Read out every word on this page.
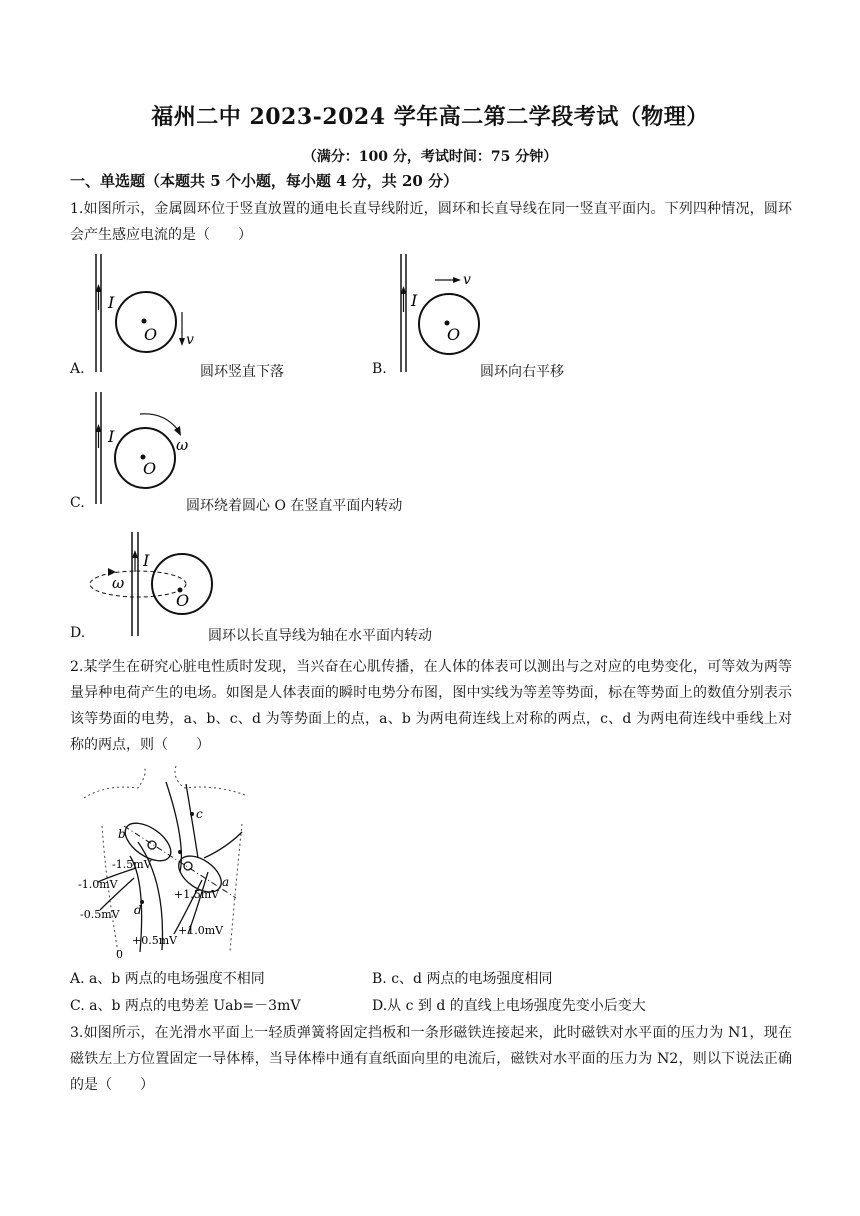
福州二中 2023-2024 学年高二第二学段考试（物理）
（满分：100 分，考试时间：75 分钟）
一、单选题（本题共 5 个小题，每小题 4 分，共 20 分）
1.如图所示，金属圆环位于竖直放置的通电长直导线附近，圆环和长直导线在同一竖直平面内。下列四种情况，圆环会产生感应电流的是（　　）
I
O v
A.	圆环竖直下落
I
O
v
B.	圆环向右平移
I
O
ω
C.	圆环绕着圆心 O 在竖直平面内转动
I
O
ω
D.	圆环以长直导线为轴在水平面内转动
2.某学生在研究心脏电性质时发现，当兴奋在心肌传播，在人体的体表可以测出与之对应的电势变化，可等效为两等量异种电荷产生的电场。如图是人体表面的瞬时电势分布图，图中实线为等差等势面，标在等势面上的数值分别表示该等势面的电势，a、b、c、d 为等势面上的点，a、b 为两电荷连线上对称的两点，c、d 为两电荷连线中垂线上对称的两点，则（　　）
b
c
d
a
-1.5mV
-1.0mV
-0.5mV
+1.5mV
+1.0mV
+0.5mV
0
A. a、b 两点的电场强度不相同	B. c、d 两点的电场强度相同
C. a、b 两点的电势差 Uab=－3mV	D.从 c 到 d 的直线上电场强度先变小后变大
3.如图所示，在光滑水平面上一轻质弹簧将固定挡板和一条形磁铁连接起来，此时磁铁对水平面的压力为 N1，现在磁铁左上方位置固定一导体棒，当导体棒中通有直纸面向里的电流后，磁铁对水平面的压力为 N2，则以下说法正确的是（　　）
